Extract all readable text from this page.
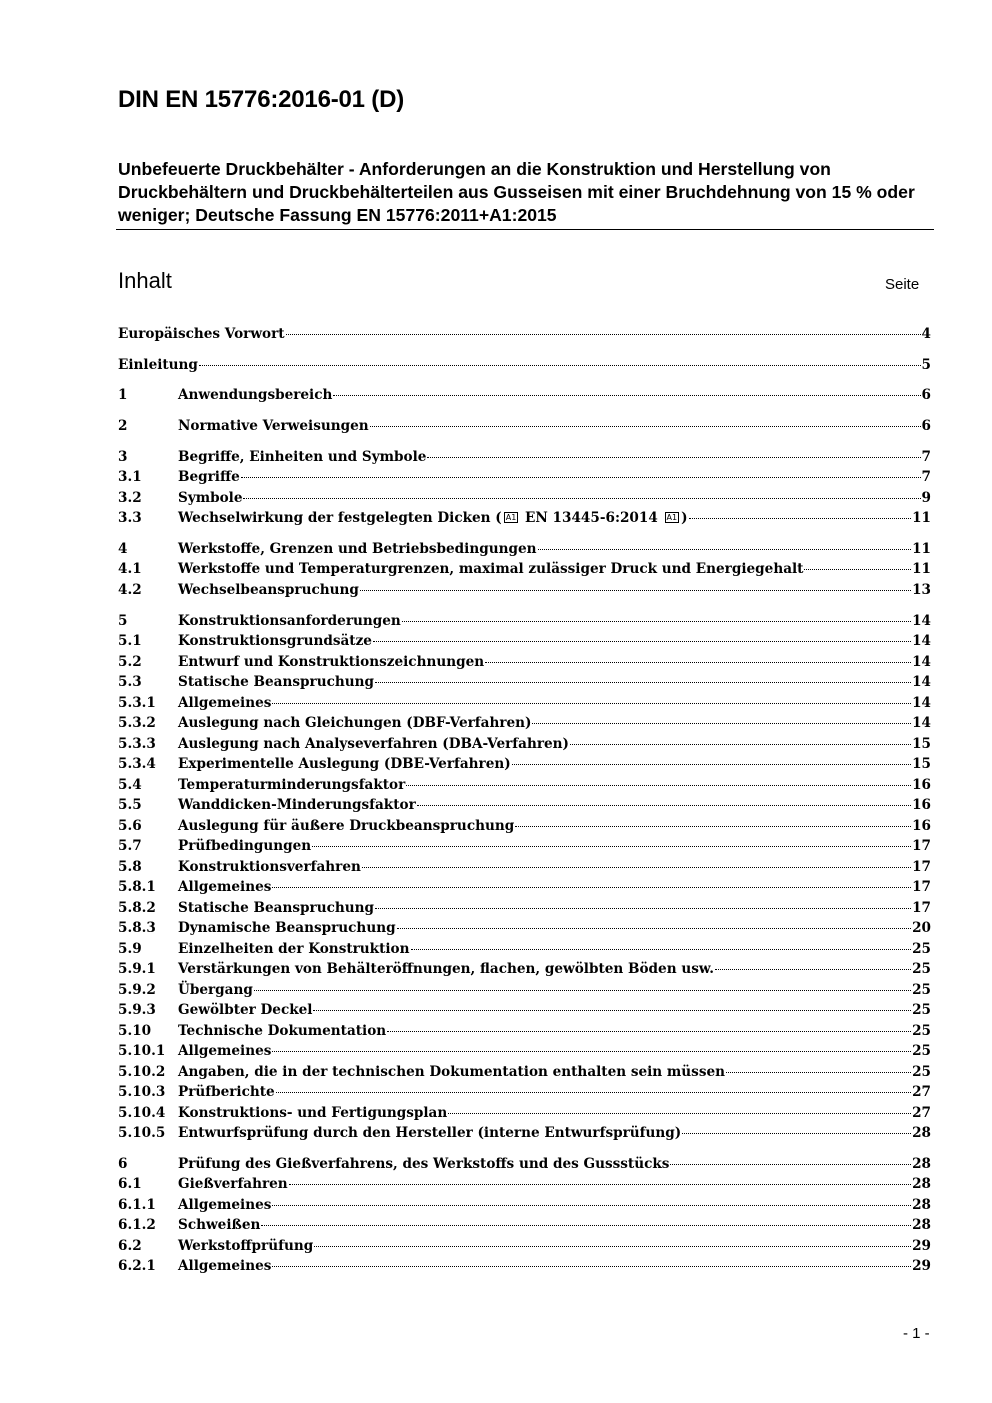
DIN EN 15776:2016-01 (D)

Unbefeuerte Druckbehälter - Anforderungen an die Konstruktion und Herstellung von Druckbehältern und Druckbehälterteilen aus Gusseisen mit einer Bruchdehnung von 15 % oder weniger; Deutsche Fassung EN 15776:2011+A1:2015

Inhalt	Seite
Europäisches Vorwort	4
Einleitung	5
1	Anwendungsbereich	6
2	Normative Verweisungen	6
3	Begriffe, Einheiten und Symbole	7
3.1	Begriffe	7
3.2	Symbole	9
3.3	Wechselwirkung der festgelegten Dicken ( A1 EN 13445-6:2014 A1 )	11
4	Werkstoffe, Grenzen und Betriebsbedingungen	11
4.1	Werkstoffe und Temperaturgrenzen, maximal zulässiger Druck und Energiegehalt	11
4.2	Wechselbeanspruchung	13
5	Konstruktionsanforderungen	14
5.1	Konstruktionsgrundsätze	14
5.2	Entwurf und Konstruktionszeichnungen	14
5.3	Statische Beanspruchung	14
5.3.1	Allgemeines	14
5.3.2	Auslegung nach Gleichungen (DBF-Verfahren)	14
5.3.3	Auslegung nach Analyseverfahren (DBA-Verfahren)	15
5.3.4	Experimentelle Auslegung (DBE-Verfahren)	15
5.4	Temperaturminderungsfaktor	16
5.5	Wanddicken-Minderungsfaktor	16
5.6	Auslegung für äußere Druckbeanspruchung	16
5.7	Prüfbedingungen	17
5.8	Konstruktionsverfahren	17
5.8.1	Allgemeines	17
5.8.2	Statische Beanspruchung	17
5.8.3	Dynamische Beanspruchung	20
5.9	Einzelheiten der Konstruktion	25
5.9.1	Verstärkungen von Behälteröffnungen, flachen, gewölbten Böden usw.	25
5.9.2	Übergang	25
5.9.3	Gewölbter Deckel	25
5.10	Technische Dokumentation	25
5.10.1 Allgemeines	25
5.10.2 Angaben, die in der technischen Dokumentation enthalten sein müssen	25
5.10.3 Prüfberichte	27
5.10.4 Konstruktions- und Fertigungsplan	27
5.10.5 Entwurfsprüfung durch den Hersteller (interne Entwurfsprüfung)	28
6	Prüfung des Gießverfahrens, des Werkstoffs und des Gussstücks	28
6.1	Gießverfahren	28
6.1.1	Allgemeines	28
6.1.2	Schweißen	28
6.2	Werkstoffprüfung	29
6.2.1	Allgemeines	29
- 1 -
